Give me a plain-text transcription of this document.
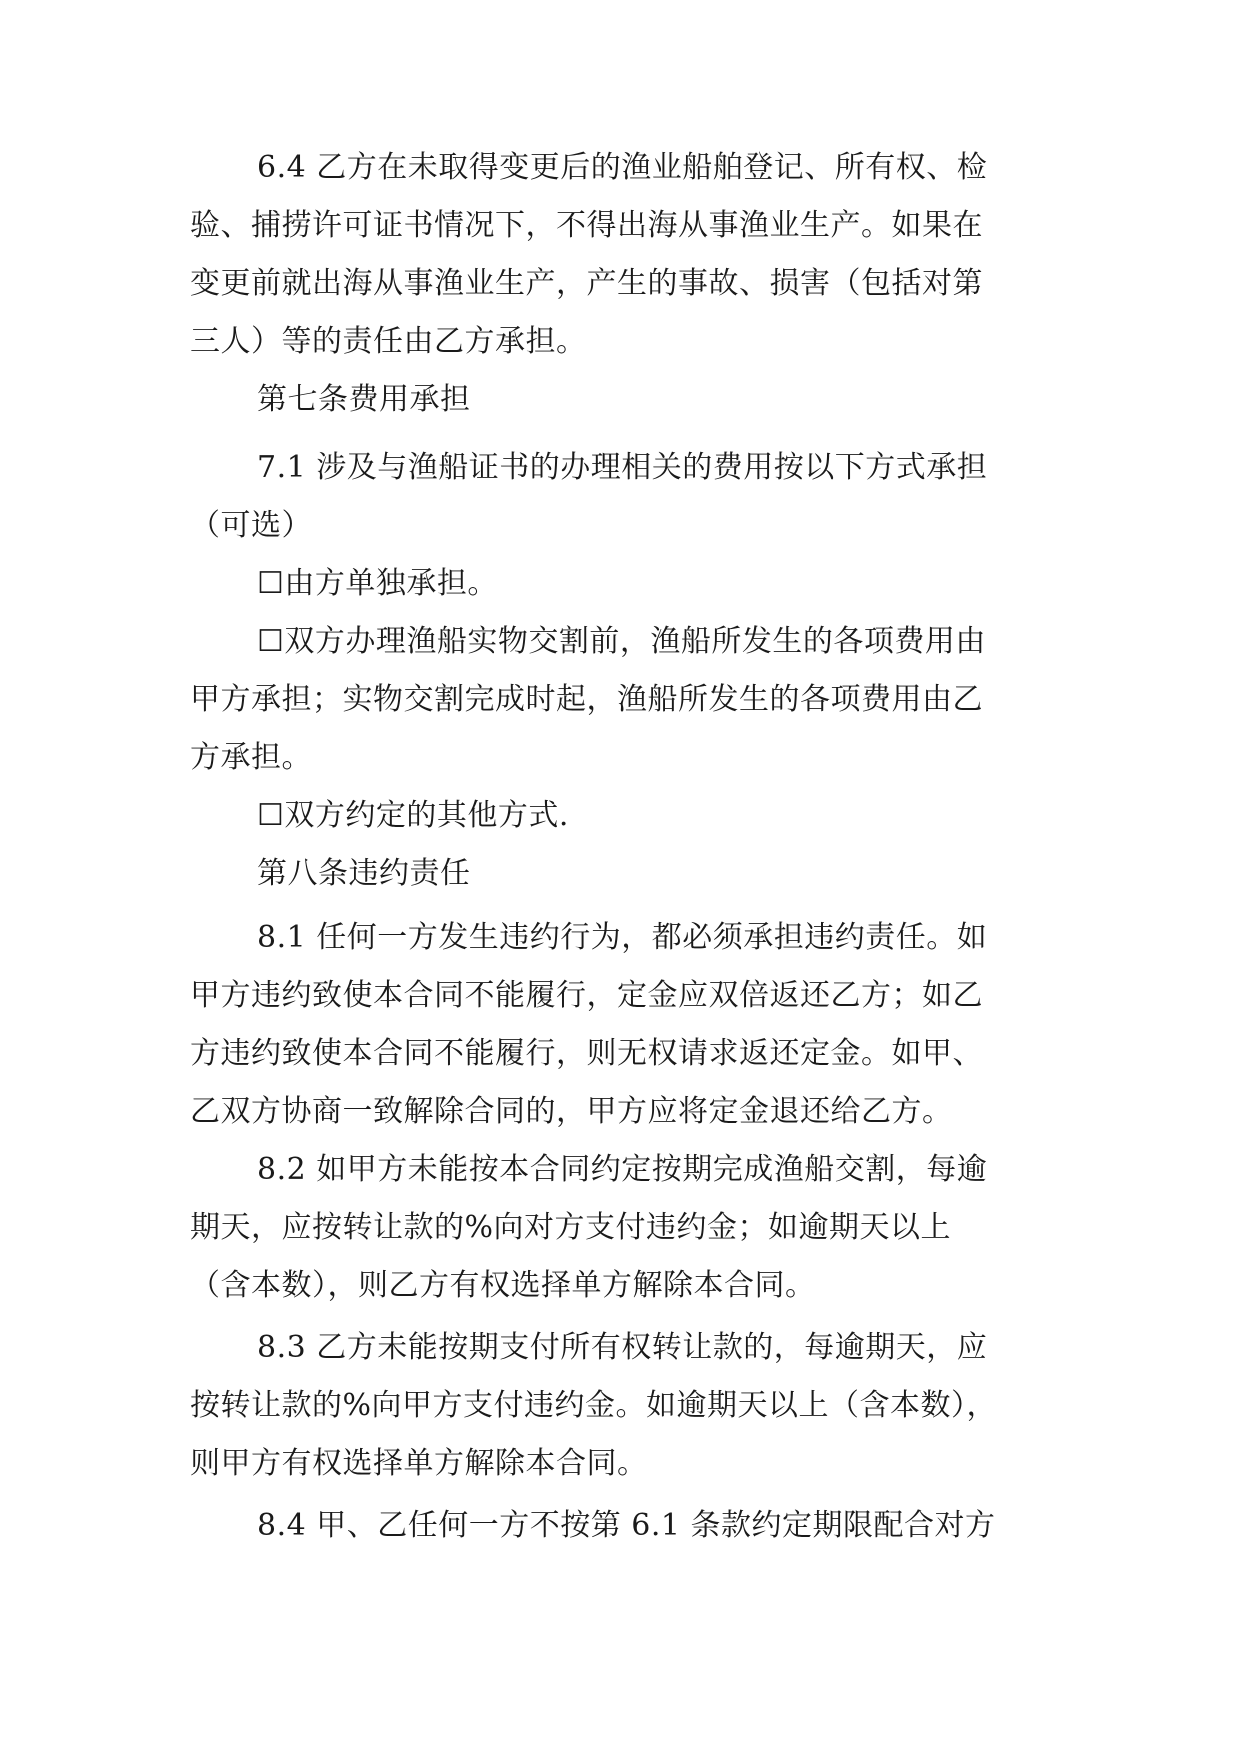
6.4 乙方在未取得变更后的渔业船舶登记、所有权、检
验、捕捞许可证书情况下，不得出海从事渔业生产。如果在
变更前就出海从事渔业生产，产生的事故、损害（包括对第
三人）等的责任由乙方承担。
第七条费用承担
7.1 涉及与渔船证书的办理相关的费用按以下方式承担
（可选）
☐由方单独承担。
☐双方办理渔船实物交割前，渔船所发生的各项费用由
甲方承担；实物交割完成时起，渔船所发生的各项费用由乙
方承担。
☐双方约定的其他方式.
第八条违约责任
8.1 任何一方发生违约行为，都必须承担违约责任。如
甲方违约致使本合同不能履行，定金应双倍返还乙方；如乙
方违约致使本合同不能履行，则无权请求返还定金。如甲、
乙双方协商一致解除合同的，甲方应将定金退还给乙方。
8.2 如甲方未能按本合同约定按期完成渔船交割，每逾
期天，应按转让款的%向对方支付违约金；如逾期天以上
（含本数），则乙方有权选择单方解除本合同。
8.3 乙方未能按期支付所有权转让款的，每逾期天，应
按转让款的%向甲方支付违约金。如逾期天以上（含本数），
则甲方有权选择单方解除本合同。
8.4 甲、乙任何一方不按第 6.1 条款约定期限配合对方
